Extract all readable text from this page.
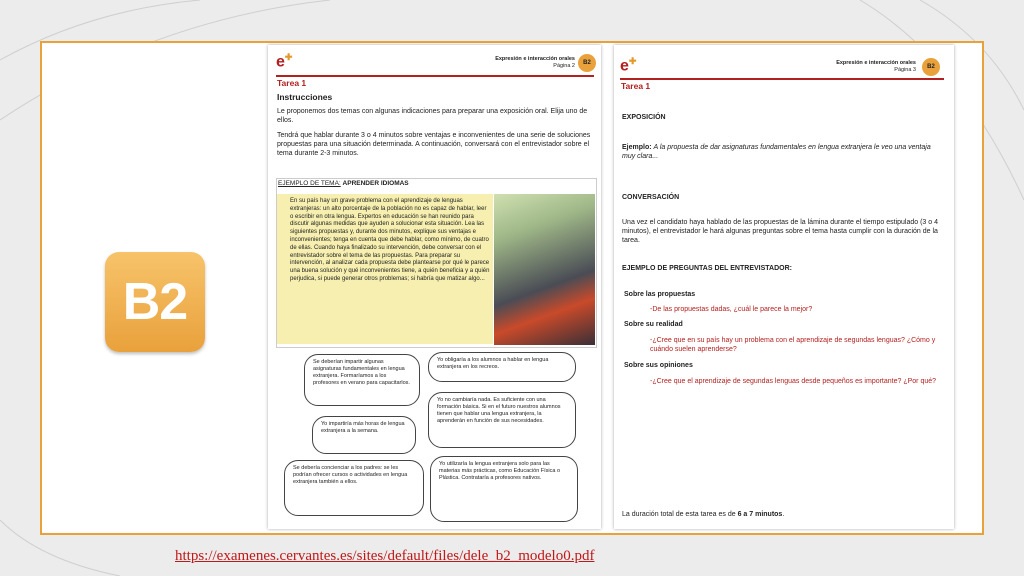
B2
e✚	Expresión e interacción orales
Página 2	B2
Tarea 1
Instrucciones
Le proponemos dos temas con algunas indicaciones para preparar una exposición oral. Elija uno de ellos.
Tendrá que hablar durante 3 o 4 minutos sobre ventajas e inconvenientes de una serie de soluciones propuestas para una situación determinada. A continuación, conversará con el entrevistador sobre el tema durante 2-3 minutos.
EJEMPLO DE TEMA: APRENDER IDIOMAS
En su país hay un grave problema con el aprendizaje de lenguas extranjeras: un alto porcentaje de la población no es capaz de hablar, leer o escribir en otra lengua. Expertos en educación se han reunido para discutir algunas medidas que ayuden a solucionar esta situación. Lea las siguientes propuestas y, durante dos minutos, explique sus ventajas e inconvenientes; tenga en cuenta que debe hablar, como mínimo, de cuatro de ellas. Cuando haya finalizado su intervención, debe conversar con el entrevistador sobre el tema de las propuestas. Para preparar su intervención, al analizar cada propuesta debe plantearse por qué le parece una buena solución y qué inconvenientes tiene, a quién beneficia y a quién perjudica, si puede generar otros problemas; si habría que matizar algo...
Se deberían impartir algunas asignaturas fundamentales en lengua extranjera. Formaríamos a los profesores en verano para capacitarlos.
Yo obligaría a los alumnos a hablar en lengua extranjera en los recreos.
Yo impartiría más horas de lengua extranjera a la semana.
Yo no cambiaría nada. Es suficiente con una formación básica. Si en el futuro nuestros alumnos tienen que hablar una lengua extranjera, la aprenderán en función de sus necesidades.
Se debería concienciar a los padres: se les podrían ofrecer cursos o actividades en lengua extranjera también a ellos.
Yo utilizaría la lengua extranjera solo para las materias más prácticas, como Educación Física o Plástica. Contrataría a profesores nativos.
e✚	Expresión e interacción orales
Página 3	B2
Tarea 1
EXPOSICIÓN
Ejemplo: A la propuesta de dar asignaturas fundamentales en lengua extranjera le veo una ventaja muy clara...
CONVERSACIÓN
Una vez el candidato haya hablado de las propuestas de la lámina durante el tiempo estipulado (3 o 4 minutos), el entrevistador le hará algunas preguntas sobre el tema hasta cumplir con la duración de la tarea.
EJEMPLO DE PREGUNTAS DEL ENTREVISTADOR:
Sobre las propuestas
-De las propuestas dadas, ¿cuál le parece la mejor?
Sobre su realidad
-¿Cree que en su país hay un problema con el aprendizaje de segundas lenguas? ¿Cómo y cuándo suelen aprenderse?
Sobre sus opiniones
-¿Cree que el aprendizaje de segundas lenguas desde pequeños es importante? ¿Por qué?
La duración total de esta tarea es de 6 a 7 minutos.
https://examenes.cervantes.es/sites/default/files/dele_b2_modelo0.pdf
